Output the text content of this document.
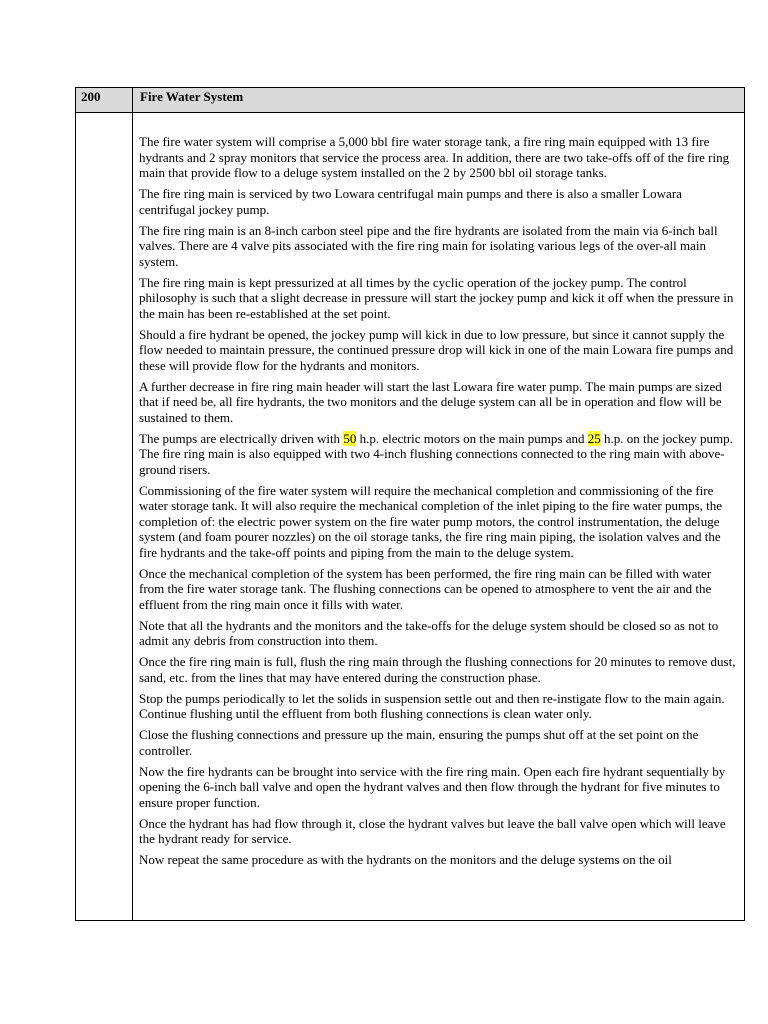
200	Fire Water System

The fire water system will comprise a 5,000 bbl fire water storage tank, a fire ring main equipped with 13 fire hydrants and 2 spray monitors that service the process area. In addition, there are two take-offs off of the fire ring main that provide flow to a deluge system installed on the 2 by 2500 bbl oil storage tanks.

The fire ring main is serviced by two Lowara centrifugal main pumps and there is also a smaller Lowara centrifugal jockey pump.

The fire ring main is an 8-inch carbon steel pipe and the fire hydrants are isolated from the main via 6-inch ball valves. There are 4 valve pits associated with the fire ring main for isolating various legs of the over-all main system.

The fire ring main is kept pressurized at all times by the cyclic operation of the jockey pump. The control philosophy is such that a slight decrease in pressure will start the jockey pump and kick it off when the pressure in the main has been re-established at the set point.

Should a fire hydrant be opened, the jockey pump will kick in due to low pressure, but since it cannot supply the flow needed to maintain pressure, the continued pressure drop will kick in one of the main Lowara fire pumps and these will provide flow for the hydrants and monitors.

A further decrease in fire ring main header will start the last Lowara fire water pump. The main pumps are sized that if need be, all fire hydrants, the two monitors and the deluge system can all be in operation and flow will be sustained to them.

The pumps are electrically driven with 50 h.p. electric motors on the main pumps and 25 h.p. on the jockey pump. The fire ring main is also equipped with two 4-inch flushing connections connected to the ring main with above-ground risers.

Commissioning of the fire water system will require the mechanical completion and commissioning of the fire water storage tank. It will also require the mechanical completion of the inlet piping to the fire water pumps, the completion of: the electric power system on the fire water pump motors, the control instrumentation, the deluge system (and foam pourer nozzles) on the oil storage tanks, the fire ring main piping, the isolation valves and the fire hydrants and the take-off points and piping from the main to the deluge system.

Once the mechanical completion of the system has been performed, the fire ring main can be filled with water from the fire water storage tank. The flushing connections can be opened to atmosphere to vent the air and the effluent from the ring main once it fills with water.

Note that all the hydrants and the monitors and the take-offs for the deluge system should be closed so as not to admit any debris from construction into them.

Once the fire ring main is full, flush the ring main through the flushing connections for 20 minutes to remove dust, sand, etc. from the lines that may have entered during the construction phase.

Stop the pumps periodically to let the solids in suspension settle out and then re-instigate flow to the main again. Continue flushing until the effluent from both flushing connections is clean water only.

Close the flushing connections and pressure up the main, ensuring the pumps shut off at the set point on the controller.

Now the fire hydrants can be brought into service with the fire ring main. Open each fire hydrant sequentially by opening the 6-inch ball valve and open the hydrant valves and then flow through the hydrant for five minutes to ensure proper function.

Once the hydrant has had flow through it, close the hydrant valves but leave the ball valve open which will leave the hydrant ready for service.

Now repeat the same procedure as with the hydrants on the monitors and the deluge systems on the oil
